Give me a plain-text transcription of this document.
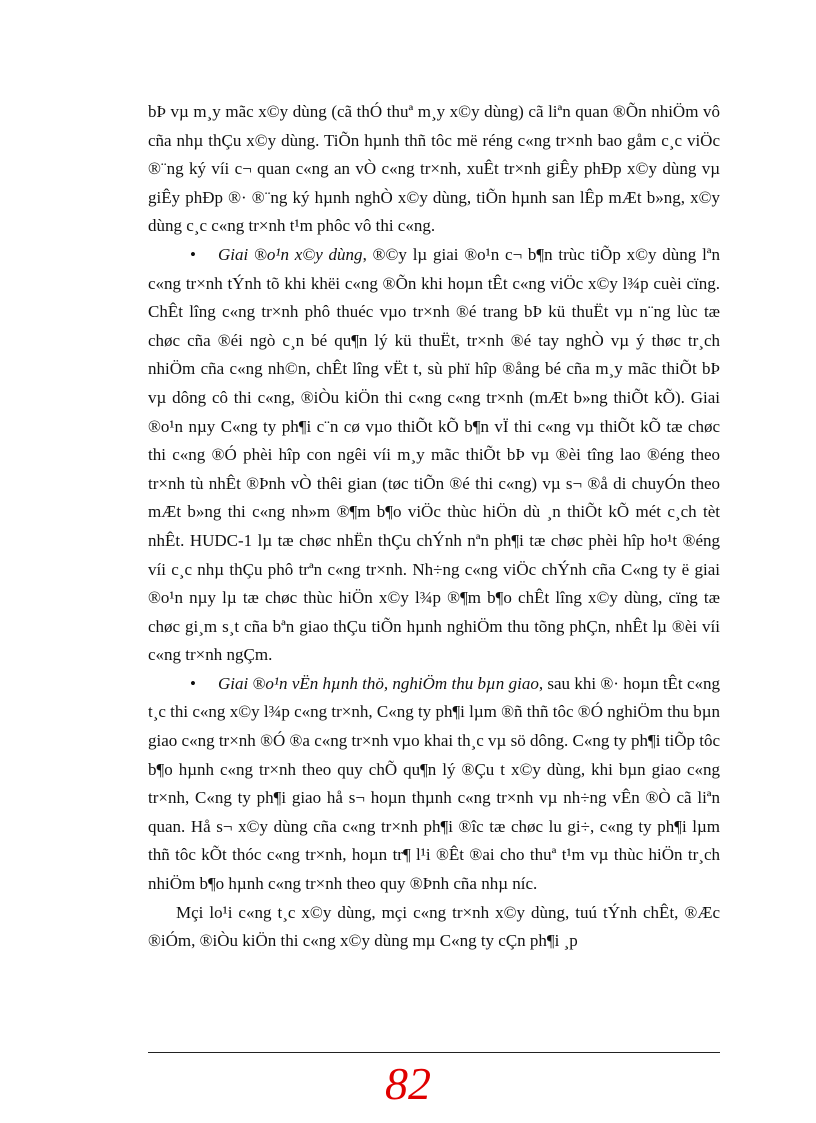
bÞ vµ m¸y mãc x©y dùng (cã thÓ thuª m¸y x©y dùng) cã liªn quan ®Õn nhiÖm vô cña nhµ thÇu x©y dùng. TiÕn hµnh thñ tôc më réng c«ng tr×nh bao gåm c¸c viÖc ®¨ng ký víi c¬ quan c«ng an vÒ c«ng tr×nh, xuÊt tr×nh giÊy phÐp x©y dùng vµ giÊy phÐp ®· ®¨ng ký hµnh nghÒ x©y dùng, tiÕn hµnh san lÊp mÆt b»ng, x©y dùng c¸c c«ng tr×nh t¹m phôc vô thi c«ng.

• Giai ®o¹n x©y dùng, ®©y lµ giai ®o¹n c¬ b¶n trùc tiÕp x©y dùng lªn c«ng tr×nh tÝnh tõ khi khëi c«ng ®Õn khi hoµn tÊt c«ng viÖc x©y l¾p cuèi cïng. ChÊt lîng c«ng tr×nh phô thuéc vµo tr×nh ®é trang bÞ kü thuËt vµ n¨ng lùc tæ chøc cña ®éi ngò c¸n bé qu¶n lý kü thuËt, tr×nh ®é tay nghÒ vµ ý thøc tr¸ch nhiÖm cña c«ng nh©n, chÊt lîng vËt t, sù phï hîp ®ång bé cña m¸y mãc thiÕt bÞ vµ dông cô thi c«ng, ®iÒu kiÖn thi c«ng c«ng tr×nh (mÆt b»ng thiÕt kÕ). Giai ®o¹n nµy C«ng ty ph¶i c¨n cø vµo thiÕt kÕ b¶n vÏ thi c«ng vµ thiÕt kÕ tæ chøc thi c«ng ®Ó phèi hîp con ngêi víi m¸y mãc thiÕt bÞ vµ ®èi tîng lao ®éng theo tr×nh tù nhÊt ®Þnh vÒ thêi gian (tøc tiÕn ®é thi c«ng) vµ s¬ ®å di chuyÓn theo mÆt b»ng thi c«ng nh»m ®¶m b¶o viÖc thùc hiÖn dù ¸n thiÕt kÕ mét c¸ch tèt nhÊt. HUDC-1 lµ tæ chøc nhËn thÇu chÝnh nªn ph¶i tæ chøc phèi hîp ho¹t ®éng víi c¸c nhµ thÇu phô trªn c«ng tr×nh. Nh÷ng c«ng viÖc chÝnh cña C«ng ty ë giai ®o¹n nµy lµ tæ chøc thùc hiÖn x©y l¾p ®¶m b¶o chÊt lîng x©y dùng, cïng tæ chøc gi¸m s¸t cña bªn giao thÇu tiÕn hµnh nghiÖm thu tõng phÇn, nhÊt lµ ®èi víi c«ng tr×nh ngÇm.

• Giai ®o¹n vËn hµnh thö, nghiÖm thu bµn giao, sau khi ®· hoµn tÊt c«ng t¸c thi c«ng x©y l¾p c«ng tr×nh, C«ng ty ph¶i lµm ®ñ thñ tôc ®Ó nghiÖm thu bµn giao c«ng tr×nh ®Ó ®a c«ng tr×nh vµo khai th¸c vµ sö dông. C«ng ty ph¶i tiÕp tôc b¶o hµnh c«ng tr×nh theo quy chÕ qu¶n lý ®Çu t x©y dùng, khi bµn giao c«ng tr×nh, C«ng ty ph¶i giao hå s¬ hoµn thµnh c«ng tr×nh vµ nh÷ng vÊn ®Ò cã liªn quan. Hå s¬ x©y dùng cña c«ng tr×nh ph¶i ®îc tæ chøc lu gi÷, c«ng ty ph¶i lµm thñ tôc kÕt thóc c«ng tr×nh, hoµn tr¶ l¹i ®Êt ®ai cho thuª t¹m vµ thùc hiÖn tr¸ch nhiÖm b¶o hµnh c«ng tr×nh theo quy ®Þnh cña nhµ níc.

Mçi lo¹i c«ng t¸c x©y dùng, mçi c«ng tr×nh x©y dùng, tuú tÝnh chÊt, ®Æc ®iÓm, ®iÒu kiÖn thi c«ng x©y dùng mµ C«ng ty cÇn ph¶i ¸p

82
